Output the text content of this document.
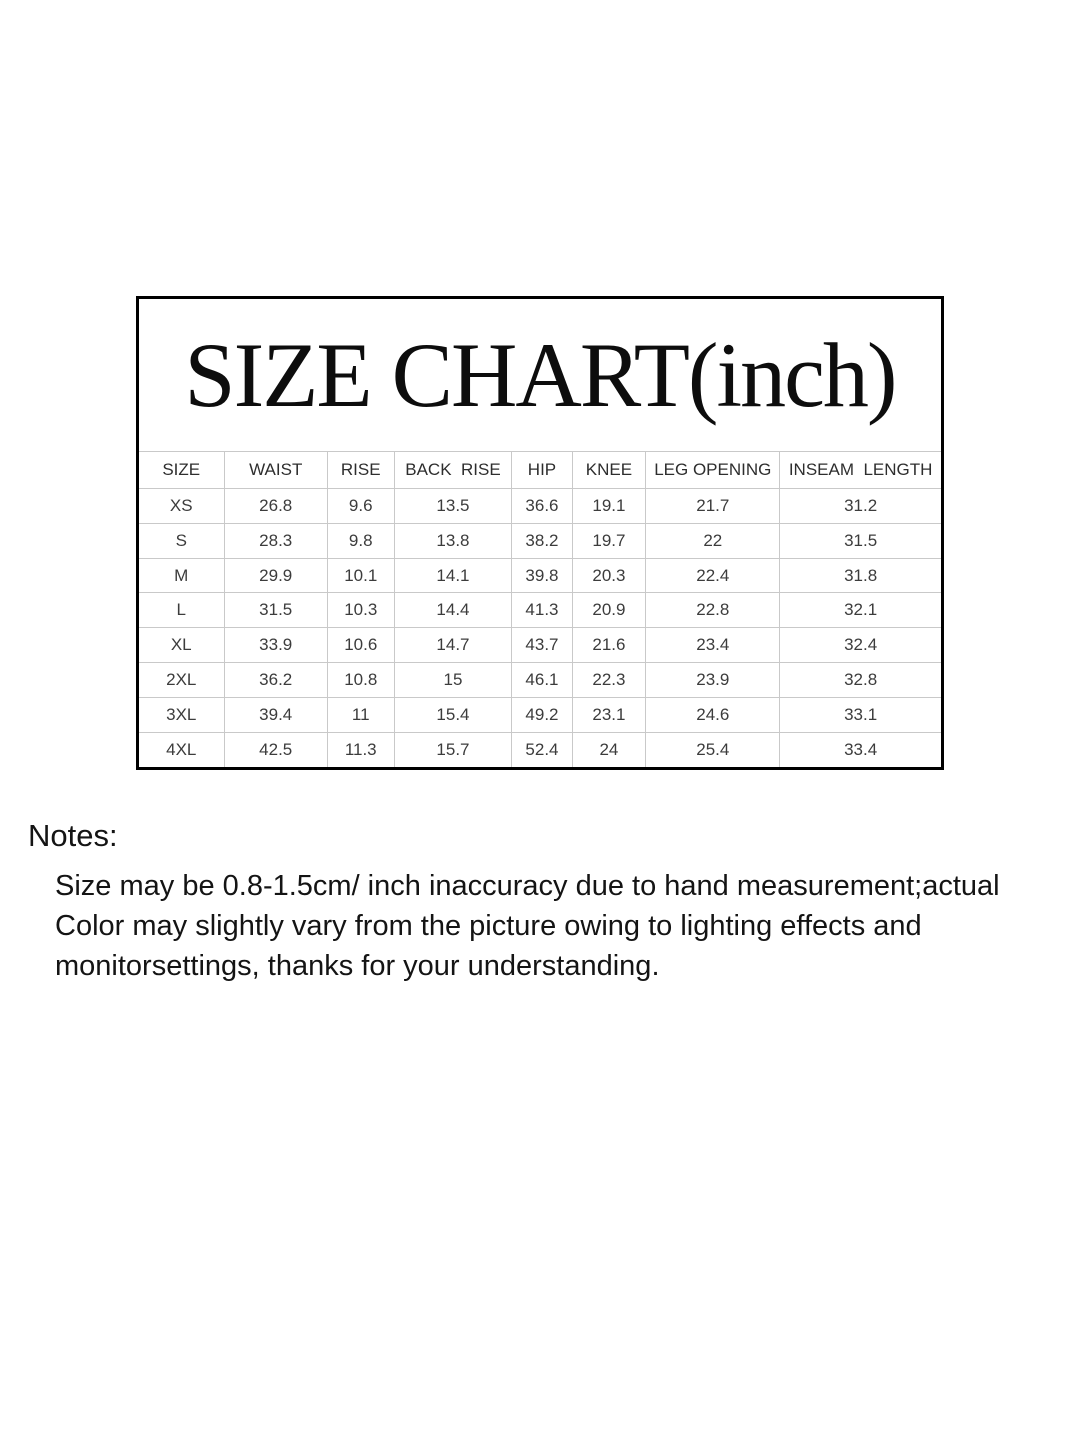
SIZE CHART(inch)
SIZE	WAIST	RISE	BACK  RISE	HIP	KNEE	LEG OPENING	INSEAM  LENGTH
XS	26.8	9.6	13.5	36.6	19.1	21.7	31.2
S	28.3	9.8	13.8	38.2	19.7	22	31.5
M	29.9	10.1	14.1	39.8	20.3	22.4	31.8
L	31.5	10.3	14.4	41.3	20.9	22.8	32.1
XL	33.9	10.6	14.7	43.7	21.6	23.4	32.4
2XL	36.2	10.8	15	46.1	22.3	23.9	32.8
3XL	39.4	11	15.4	49.2	23.1	24.6	33.1
4XL	42.5	11.3	15.7	52.4	24	25.4	33.4
Notes:
Size may be 0.8-1.5cm/ inch inaccuracy due to hand measurement;actual
Color may slightly vary from the picture owing to lighting effects and
monitorsettings, thanks for your understanding.
